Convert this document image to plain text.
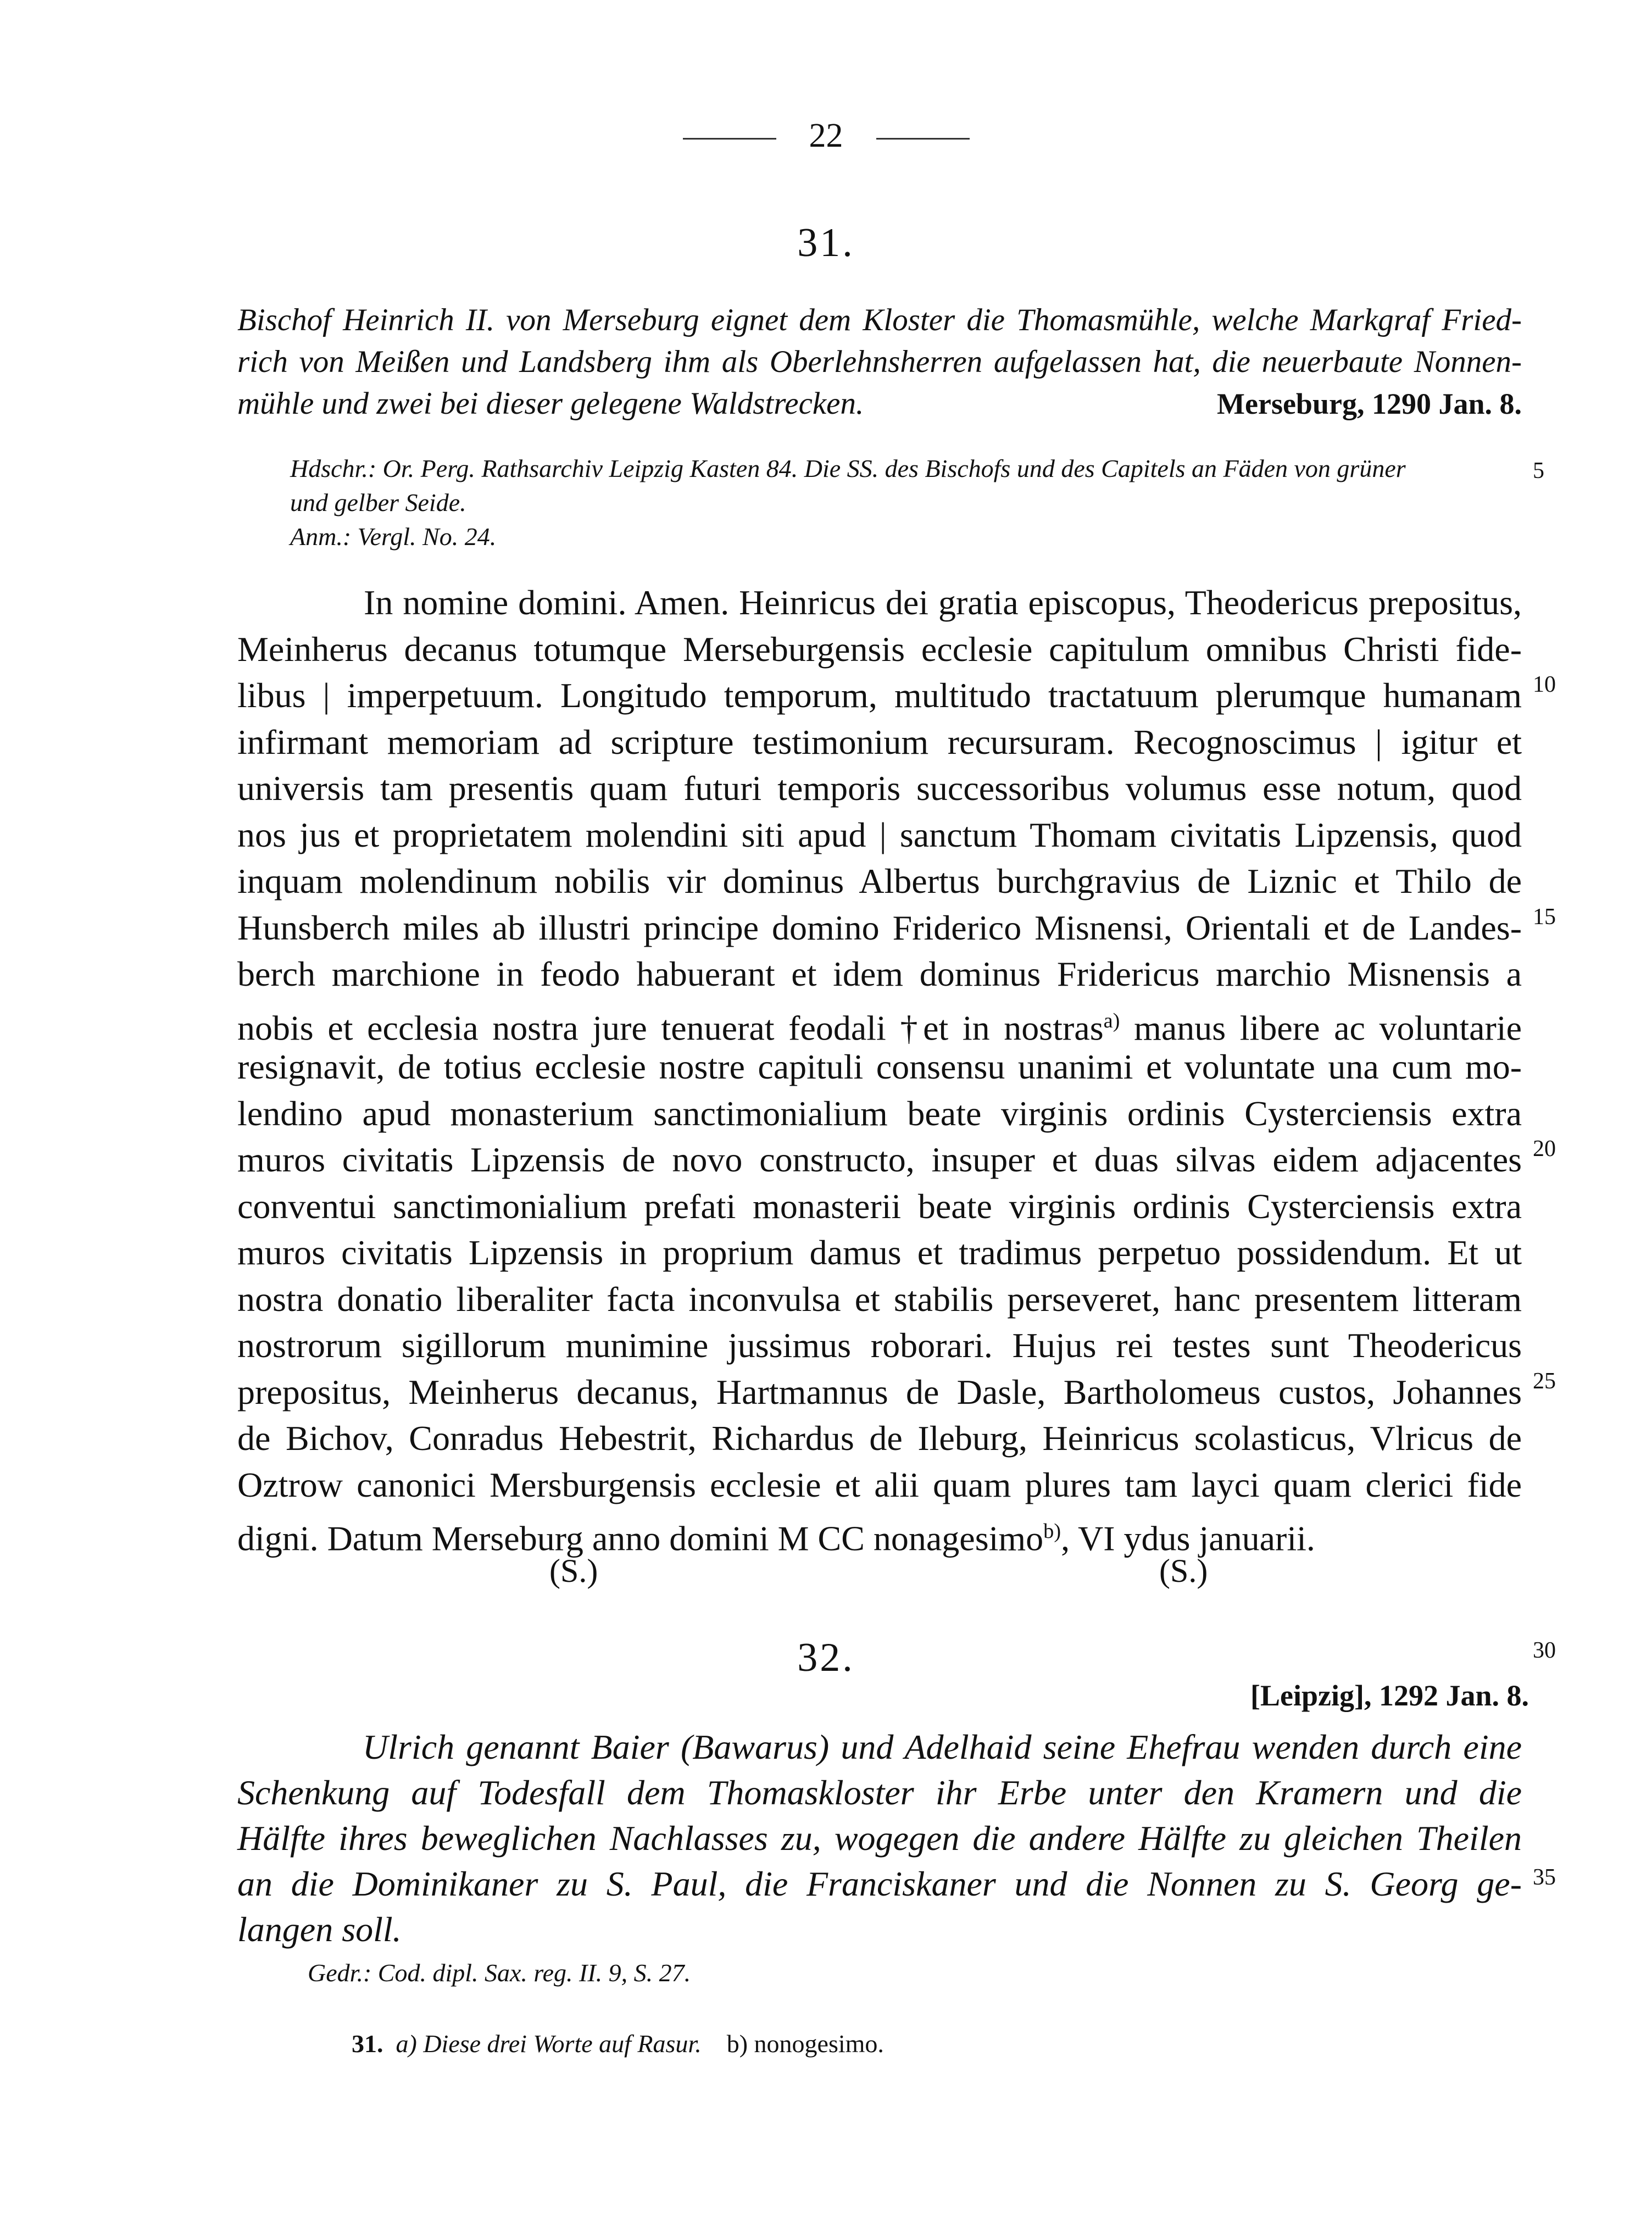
22
31.
Bischof Heinrich II. von Merseburg eignet dem Kloster die Thomasmühle, welche Markgraf Fried-
rich von Meißen und Landsberg ihm als Oberlehnsherren aufgelassen hat, die neuerbaute Nonnen-
mühle und zwei bei dieser gelegene Waldstrecken.	Merseburg, 1290 Jan. 8.
Hdschr.: Or. Perg. Rathsarchiv Leipzig Kasten 84. Die SS. des Bischofs und des Capitels an Fäden von grüner
und gelber Seide.
Anm.: Vergl. No. 24.
In nomine domini. Amen. Heinricus dei gratia episcopus, Theodericus prepositus,
Meinherus decanus totumque Merseburgensis ecclesie capitulum omnibus Christi fide-
libus | imperpetuum. Longitudo temporum, multitudo tractatuum plerumque humanam
infirmant memoriam ad scripture testimonium recursuram. Recognoscimus | igitur et
universis tam presentis quam futuri temporis successoribus volumus esse notum, quod
nos jus et proprietatem molendini siti apud | sanctum Thomam civitatis Lipzensis, quod
inquam molendinum nobilis vir dominus Albertus burchgravius de Liznic et Thilo de
Hunsberch miles ab illustri principe domino Friderico Misnensi, Orientali et de Landes-
berch marchione in feodo habuerant et idem dominus Fridericus marchio Misnensis a
nobis et ecclesia nostra jure tenuerat feodali †et in nostras$^{a)}$ manus libere ac voluntarie
resignavit, de totius ecclesie nostre capituli consensu unanimi et voluntate una cum mo-
lendino apud monasterium sanctimonialium beate virginis ordinis Cysterciensis extra
muros civitatis Lipzensis de novo constructo, insuper et duas silvas eidem adjacentes
conventui sanctimonialium prefati monasterii beate virginis ordinis Cysterciensis extra
muros civitatis Lipzensis in proprium damus et tradimus perpetuo possidendum. Et ut
nostra donatio liberaliter facta inconvulsa et stabilis perseveret, hanc presentem litteram
nostrorum sigillorum munimine jussimus roborari. Hujus rei testes sunt Theodericus
prepositus, Meinherus decanus, Hartmannus de Dasle, Bartholomeus custos, Johannes
de Bichov, Conradus Hebestrit, Richardus de Ileburg, Heinricus scolasticus, Vlricus de
Oztrow canonici Mersburgensis ecclesie et alii quam plures tam layci quam clerici fide
digni. Datum Merseburg anno domini M CC nonagesimo$^{b)}$, VI ydus januarii.
(S.)	(S.)
32.
[Leipzig], 1292 Jan. 8.
Ulrich genannt Baier (Bawarus) und Adelhaid seine Ehefrau wenden durch eine
Schenkung auf Todesfall dem Thomaskloster ihr Erbe unter den Kramern und die
Hälfte ihres beweglichen Nachlasses zu, wogegen die andere Hälfte zu gleichen Theilen
an die Dominikaner zu S. Paul, die Franciskaner und die Nonnen zu S. Georg ge-
langen soll.
Gedr.: Cod. dipl. Sax. reg. II. 9, S. 27.
31. a) Diese drei Worte auf Rasur. b) nonogesimo.
5
10
15
20
25
30
35
